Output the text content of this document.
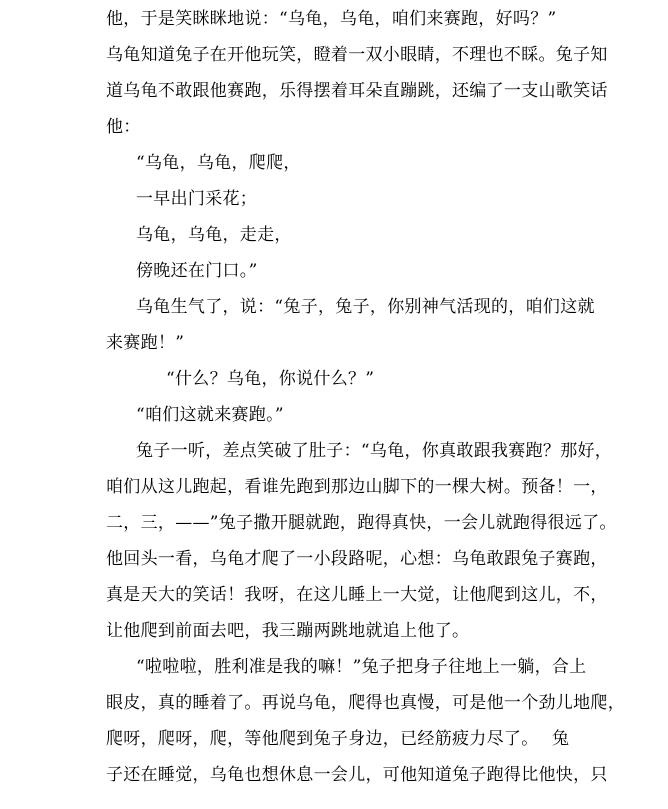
他，于是笑眯眯地说：“乌龟，乌龟，咱们来赛跑，好吗？”
乌龟知道兔子在开他玩笑，瞪着一双小眼睛，不理也不睬。兔子知
道乌龟不敢跟他赛跑，乐得摆着耳朵直蹦跳，还编了一支山歌笑话
他：
“乌龟，乌龟，爬爬，
一早出门采花；
乌龟，乌龟，走走，
傍晚还在门口。”
乌龟生气了，说：“兔子，兔子，你别神气活现的，咱们这就
来赛跑！”
“什么？乌龟，你说什么？”
“咱们这就来赛跑。”
兔子一听，差点笑破了肚子：“乌龟，你真敢跟我赛跑？那好，
咱们从这儿跑起，看谁先跑到那边山脚下的一棵大树。预备！一，
二，三，——”兔子撒开腿就跑，跑得真快，一会儿就跑得很远了。
他回头一看，乌龟才爬了一小段路呢，心想：乌龟敢跟兔子赛跑，
真是天大的笑话！我呀，在这儿睡上一大觉，让他爬到这儿，不，
让他爬到前面去吧，我三蹦两跳地就追上他了。
“啦啦啦，胜利准是我的嘛！”兔子把身子往地上一躺，合上
眼皮，真的睡着了。再说乌龟，爬得也真慢，可是他一个劲儿地爬，
爬呀，爬呀，爬，等他爬到兔子身边，已经筋疲力尽了。 兔
子还在睡觉，乌龟也想休息一会儿，可他知道兔子跑得比他快，只
